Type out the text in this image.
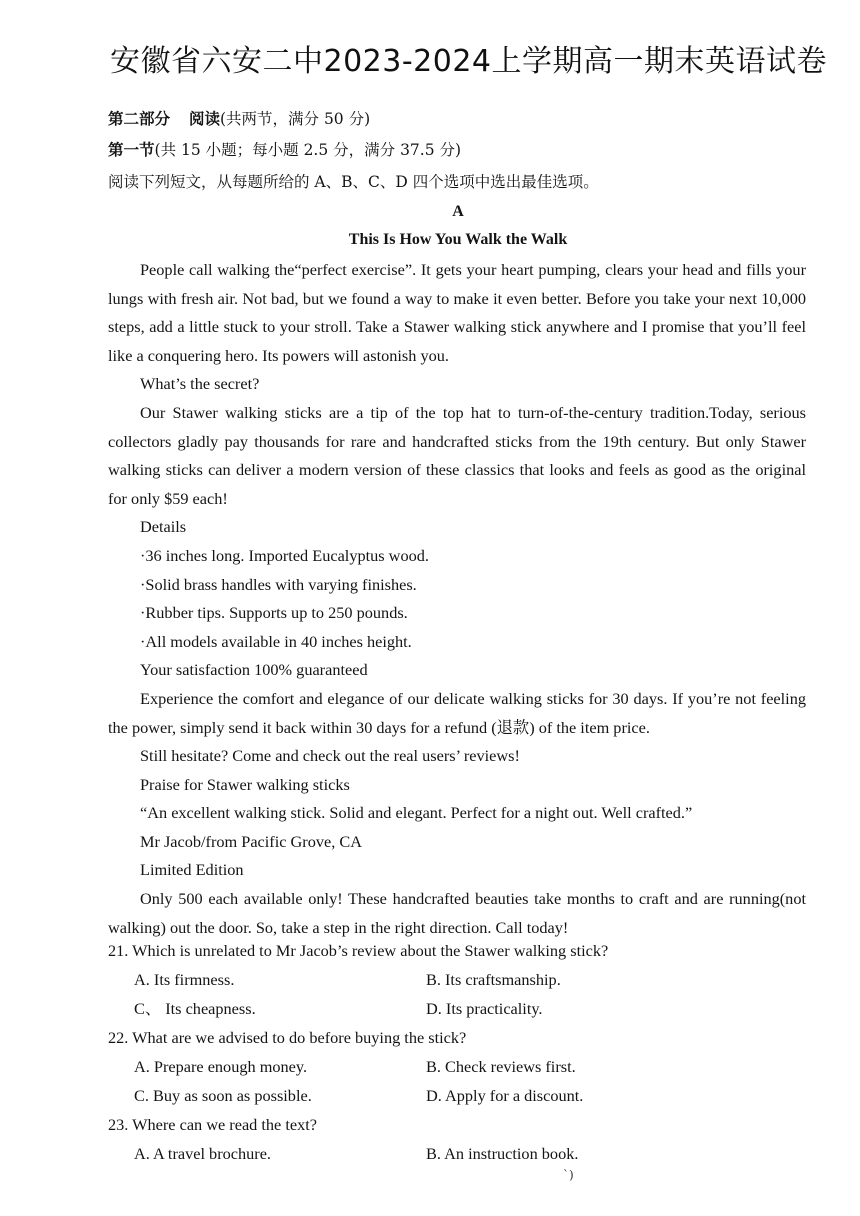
安徽省六安二中2023-2024上学期高一期末英语试卷
第二部分 阅读(共两节，满分 50 分)
第一节(共 15 小题；每小题 2.5 分，满分 37.5 分)
阅读下列短文，从每题所给的 A、B、C、D 四个选项中选出最佳选项。
A
This Is How You Walk the Walk

People call walking the“perfect exercise”. It gets your heart pumping, clears your head and fills your lungs with fresh air. Not bad, but we found a way to make it even better. Before you take your next 10,000 steps, add a little stuck to your stroll. Take a Stawer walking stick anywhere and I promise that you’ll feel like a conquering hero. Its powers will astonish you.

What’s the secret?

Our Stawer walking sticks are a tip of the top hat to turn-of-the-century tradition.Today, serious collectors gladly pay thousands for rare and handcrafted sticks from the 19th century. But only Stawer walking sticks can deliver a modern version of these classics that looks and feels as good as the original for only $59 each!

Details

·36 inches long. Imported Eucalyptus wood.

·Solid brass handles with varying finishes.

·Rubber tips. Supports up to 250 pounds.

·All models available in 40 inches height.

Your satisfaction 100% guaranteed

Experience the comfort and elegance of our delicate walking sticks for 30 days. If you’re not feeling the power, simply send it back within 30 days for a refund (退款) of the item price.

Still hesitate? Come and check out the real users’ reviews!

Praise for Stawer walking sticks

“An excellent walking stick. Solid and elegant. Perfect for a night out. Well crafted.”

Mr Jacob/from Pacific Grove, CA

Limited Edition

Only 500 each available only! These handcrafted beauties take months to craft and are running(not walking) out the door. So, take a step in the right direction. Call today!

21. Which is unrelated to Mr Jacob’s review about the Stawer walking stick?

A. Its firmness.	B. Its craftsmanship.

C、 Its cheapness.	D. Its practicality.

22. What are we advised to do before buying the stick?

A. Prepare enough money.	B. Check reviews first.

C. Buy as soon as possible.	D. Apply for a discount.

23. Where can we read the text?

A. A travel brochure.	B. An instruction book.

`)
